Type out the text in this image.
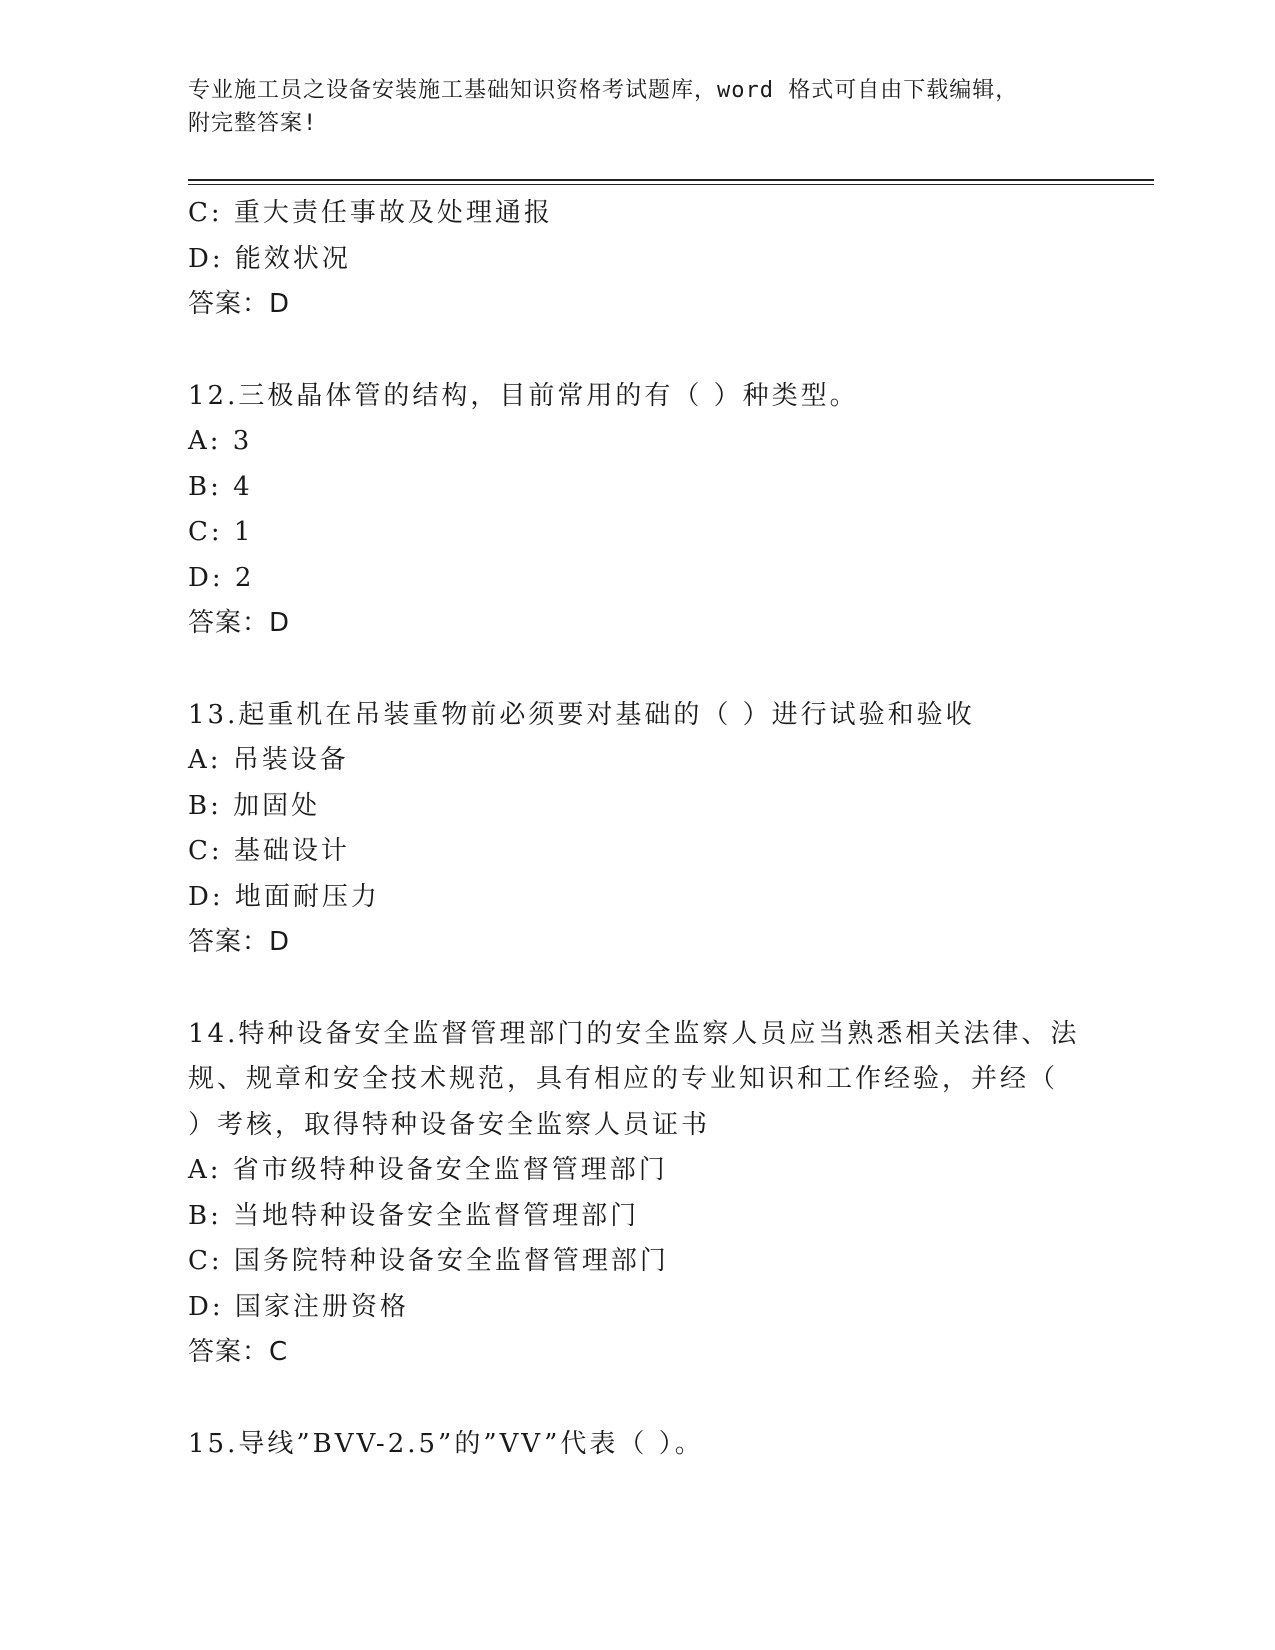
专业施工员之设备安装施工基础知识资格考试题库，word 格式可自由下载编辑，
附完整答案!
C: 重大责任事故及处理通报
D: 能效状况
答案：D
12.三极晶体管的结构，目前常用的有（ ）种类型。
A: 3
B: 4
C: 1
D: 2
答案：D
13.起重机在吊装重物前必须要对基础的（ ）进行试验和验收
A: 吊装设备
B: 加固处
C: 基础设计
D: 地面耐压力
答案：D
14.特种设备安全监督管理部门的安全监察人员应当熟悉相关法律、法
规、规章和安全技术规范，具有相应的专业知识和工作经验，并经（
）考核，取得特种设备安全监察人员证书
A: 省市级特种设备安全监督管理部门
B: 当地特种设备安全监督管理部门
C: 国务院特种设备安全监督管理部门
D: 国家注册资格
答案：C
15.导线”BVV-2.5”的”VV”代表（ ）。
